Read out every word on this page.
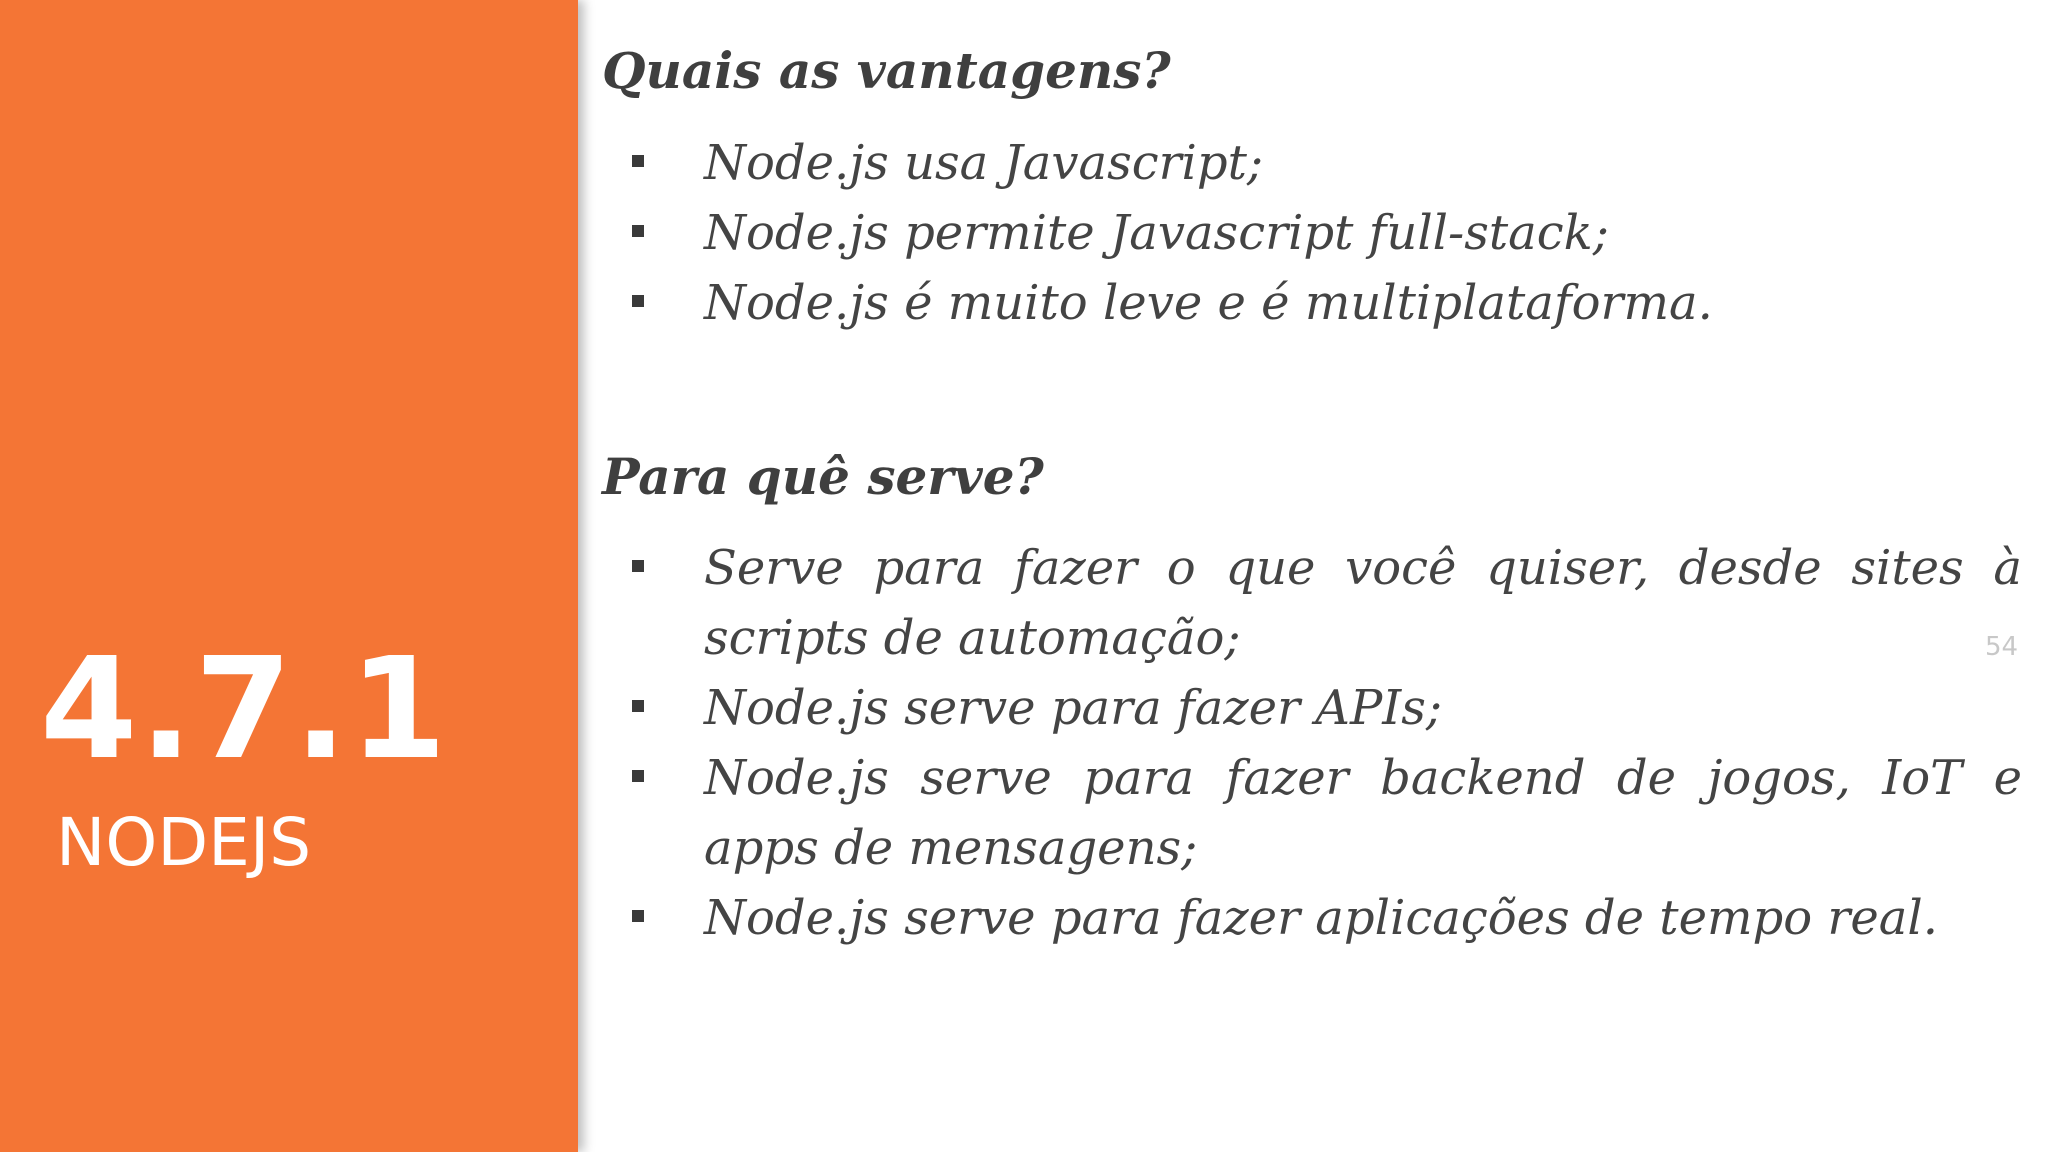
4.7.1
NODEJS
Quais as vantagens?
Node.js usa Javascript;
Node.js permite Javascript full-stack;
Node.js é muito leve e é multiplataforma.
Para quê serve?
Serve para fazer o que você quiser, desde sites à scripts de automação;
Node.js serve para fazer APIs;
Node.js serve para fazer backend de jogos, IoT e apps de mensagens;
Node.js serve para fazer aplicações de tempo real.
54
